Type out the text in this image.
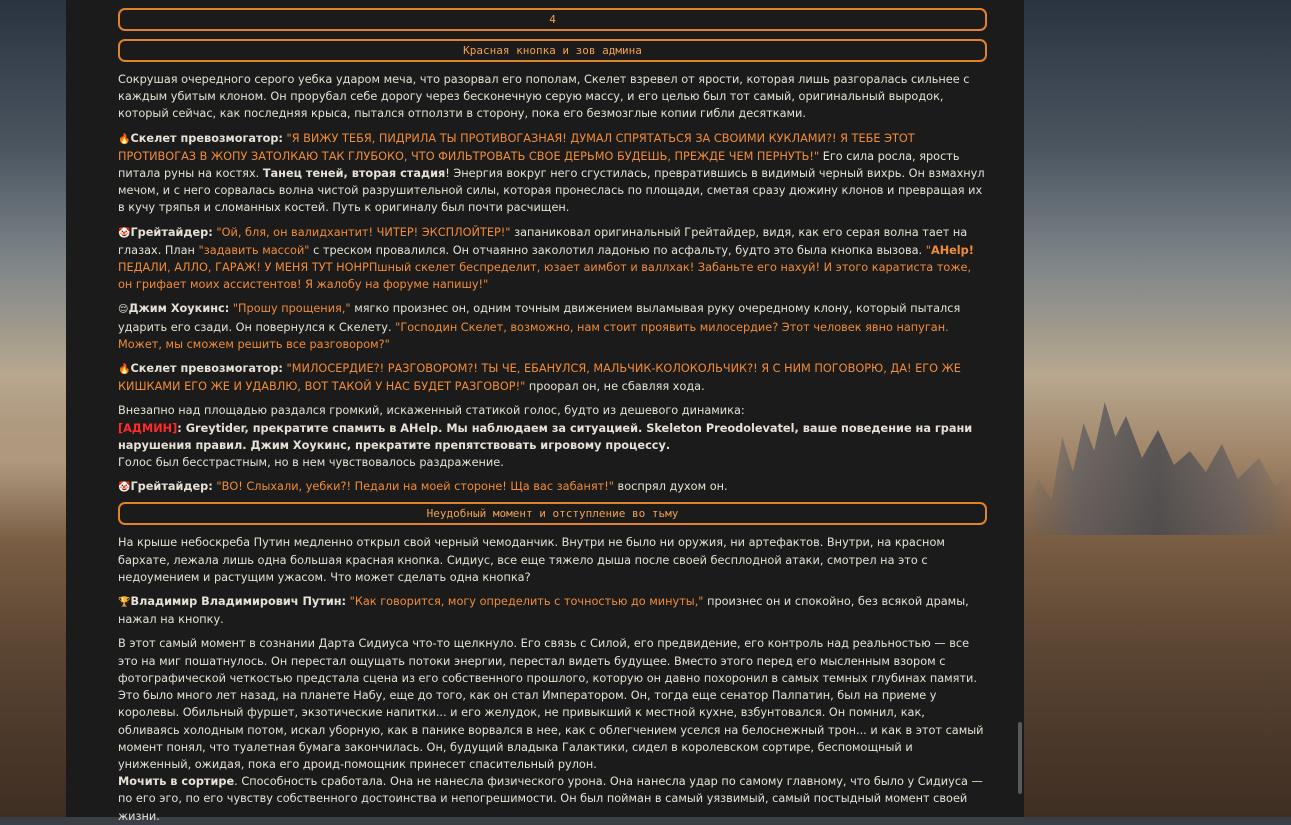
4
Красная кнопка и зов админа

Сокрушая очередного серого уебка ударом меча, что разорвал его пополам, Скелет взревел от ярости, которая лишь разгоралась сильнее с каждым убитым клоном. Он прорубал себе дорогу через бесконечную серую массу, и его целью был тот самый, оригинальный выродок, который сейчас, как последняя крыса, пытался отползти в сторону, пока его безмозглые копии гибли десятками.

🔥Скелет превозмогатор: "Я ВИЖУ ТЕБЯ, ПИДРИЛА ТЫ ПРОТИВОГАЗНАЯ! ДУМАЛ СПРЯТАТЬСЯ ЗА СВОИМИ КУКЛАМИ?! Я ТЕБЕ ЭТОТ ПРОТИВОГАЗ В ЖОПУ ЗАТОЛКАЮ ТАК ГЛУБОКО, ЧТО ФИЛЬТРОВАТЬ СВОЕ ДЕРЬМО БУДЕШЬ, ПРЕЖДЕ ЧЕМ ПЕРНУТЬ!" Его сила росла, ярость питала руны на костях. Танец теней, вторая стадия! Энергия вокруг него сгустилась, превратившись в видимый черный вихрь. Он взмахнул мечом, и с него сорвалась волна чистой разрушительной силы, которая пронеслась по площади, сметая сразу дюжину клонов и превращая их в кучу тряпья и сломанных костей. Путь к оригиналу был почти расчищен.

🤡Грейтайдер: "Ой, бля, он валидхантит! ЧИТЕР! ЭКСПЛОЙТЕР!" запаниковал оригинальный Грейтайдер, видя, как его серая волна тает на глазах. План "задавить массой" с треском провалился. Он отчаянно заколотил ладонью по асфальту, будто это была кнопка вызова. "AHelp! ПЕДАЛИ, АЛЛО, ГАРАЖ! У МЕНЯ ТУТ НОНРПшный скелет беспределит, юзает аимбот и валлхак! Забаньте его нахуй! И этого каратиста тоже, он грифает моих ассистентов! Я жалобу на форуме напишу!"

😌Джим Хоукинс: "Прошу прощения," мягко произнес он, одним точным движением выламывая руку очередному клону, который пытался ударить его сзади. Он повернулся к Скелету. "Господин Скелет, возможно, нам стоит проявить милосердие? Этот человек явно напуган. Может, мы сможем решить все разговором?"

🔥Скелет превозмогатор: "МИЛОСЕРДИЕ?! РАЗГОВОРОМ?! ТЫ ЧЕ, ЕБАНУЛСЯ, МАЛЬЧИК-КОЛОКОЛЬЧИК?! Я С НИМ ПОГОВОРЮ, ДА! ЕГО ЖЕ КИШКАМИ ЕГО ЖЕ И УДАВЛЮ, ВОТ ТАКОЙ У НАС БУДЕТ РАЗГОВОР!" проорал он, не сбавляя хода.

Внезапно над площадью раздался громкий, искаженный статикой голос, будто из дешевого динамика:
[АДМИН]: Greytider, прекратите спамить в AHelp. Мы наблюдаем за ситуацией. Skeleton Preodolevatel, ваше поведение на грани нарушения правил. Джим Хоукинс, прекратите препятствовать игровому процессу.
Голос был бесстрастным, но в нем чувствовалось раздражение.

🤡Грейтайдер: "ВО! Слыхали, уебки?! Педали на моей стороне! Ща вас забанят!" воспрял духом он.

Неудобный момент и отступление во тьму

На крыше небоскреба Путин медленно открыл свой черный чемоданчик. Внутри не было ни оружия, ни артефактов. Внутри, на красном бархате, лежала лишь одна большая красная кнопка. Сидиус, все еще тяжело дыша после своей бесплодной атаки, смотрел на это с недоумением и растущим ужасом. Что может сделать одна кнопка?

🏆Владимир Владимирович Путин: "Как говорится, могу определить с точностью до минуты," произнес он и спокойно, без всякой драмы, нажал на кнопку.

В этот самый момент в сознании Дарта Сидиуса что-то щелкнуло. Его связь с Силой, его предвидение, его контроль над реальностью — все это на миг пошатнулось. Он перестал ощущать потоки энергии, перестал видеть будущее. Вместо этого перед его мысленным взором с фотографической четкостью предстала сцена из его собственного прошлого, которую он давно похоронил в самых темных глубинах памяти.
Это было много лет назад, на планете Набу, еще до того, как он стал Императором. Он, тогда еще сенатор Палпатин, был на приеме у королевы. Обильный фуршет, экзотические напитки... и его желудок, не привыкший к местной кухне, взбунтовался. Он помнил, как, обливаясь холодным потом, искал уборную, как в панике ворвался в нее, как с облегчением уселся на белоснежный трон... и как в этот самый момент понял, что туалетная бумага закончилась. Он, будущий владыка Галактики, сидел в королевском сортире, беспомощный и униженный, ожидая, пока его дроид-помощник принесет спасительный рулон.
Мочить в сортире. Способность сработала. Она не нанесла физического урона. Она нанесла удар по самому главному, что было у Сидиуса — по его эго, по его чувству собственного достоинства и непогрешимости. Он был пойман в самый уязвимый, самый постыдный момент своей жизни.
